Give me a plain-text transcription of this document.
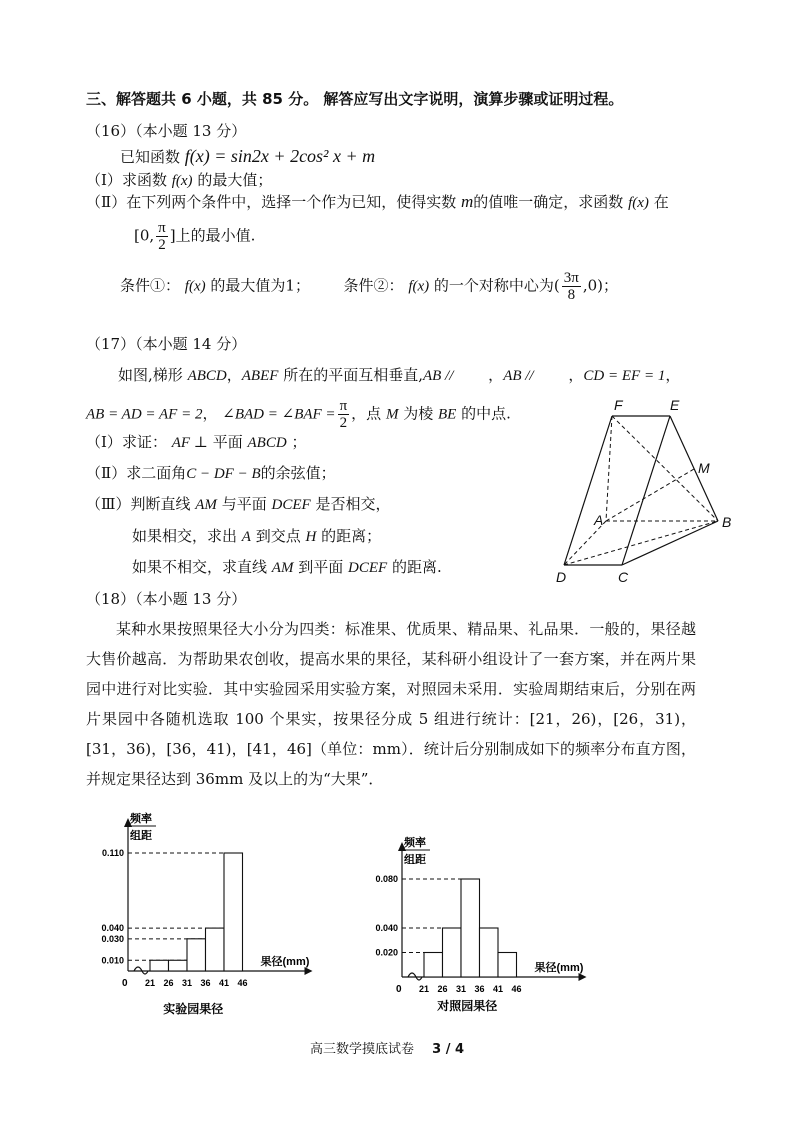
三、解答题共 6 小题，共 85 分。 解答应写出文字说明，演算步骤或证明过程。
（16）（本小题 13 分）
已知函数 f(x) = sin2x + 2cos² x + m
（Ⅰ）求函数 f(x) 的最大值；
（Ⅱ）在下列两个条件中，选择一个作为已知，使得实数 m的值唯一确定，求函数 f(x) 在
[0, $\frac{\pi}{2}$ ]上的最小值.
条件①： f(x) 的最大值为1； 条件②： f(x) 的一个对称中心为( $\frac{3\pi}{8} ,0$)；
（17）（本小题 14 分）
如图,梯形 ABCD，ABEF 所在的平面互相垂直,AB // ，AB // ，CD = EF = 1，
AB = AD = AF = 2， ∠BAD = ∠BAF = $\frac{\pi}{2}$ ，点 M 为棱 BE 的中点.
（Ⅰ）求证： AF ⊥ 平面 ABCD ；
（Ⅱ）求二面角C − DF − B的余弦值；
（Ⅲ）判断直线 AM 与平面 DCEF 是否相交，
如果相交，求出 A 到交点 H 的距离；
如果不相交，求直线 AM 到平面 DCEF 的距离.
F	E
M
A	B
D	C
（18）（本小题 13 分）
某种水果按照果径大小分为四类：标准果、优质果、精品果、礼品果．一般的，果径越大售价越高．为帮助果农创收，提高水果的果径，某科研小组设计了一套方案，并在两片果园中进行对比实验．其中实验园采用实验方案，对照园未采用．实验周期结束后，分别在两片果园中各随机选取 100 个果实，按果径分成 5 组进行统计：[21，26)，[26，31)，[31，36)，[36，41)，[41，46]（单位：mm）．统计后分别制成如下的频率分布直方图，并规定果径达到 36mm 及以上的为“大果”．
频率
组距
果径(mm)
0
0.010
0.030
0.040
0.110
21 26 31 36 41 46
实验园果径
频率
组距
果径(mm)
0
0.020
0.040
0.080
21 26 31 36 41 46
对照园果径
高三数学摸底试卷 3 / 4
